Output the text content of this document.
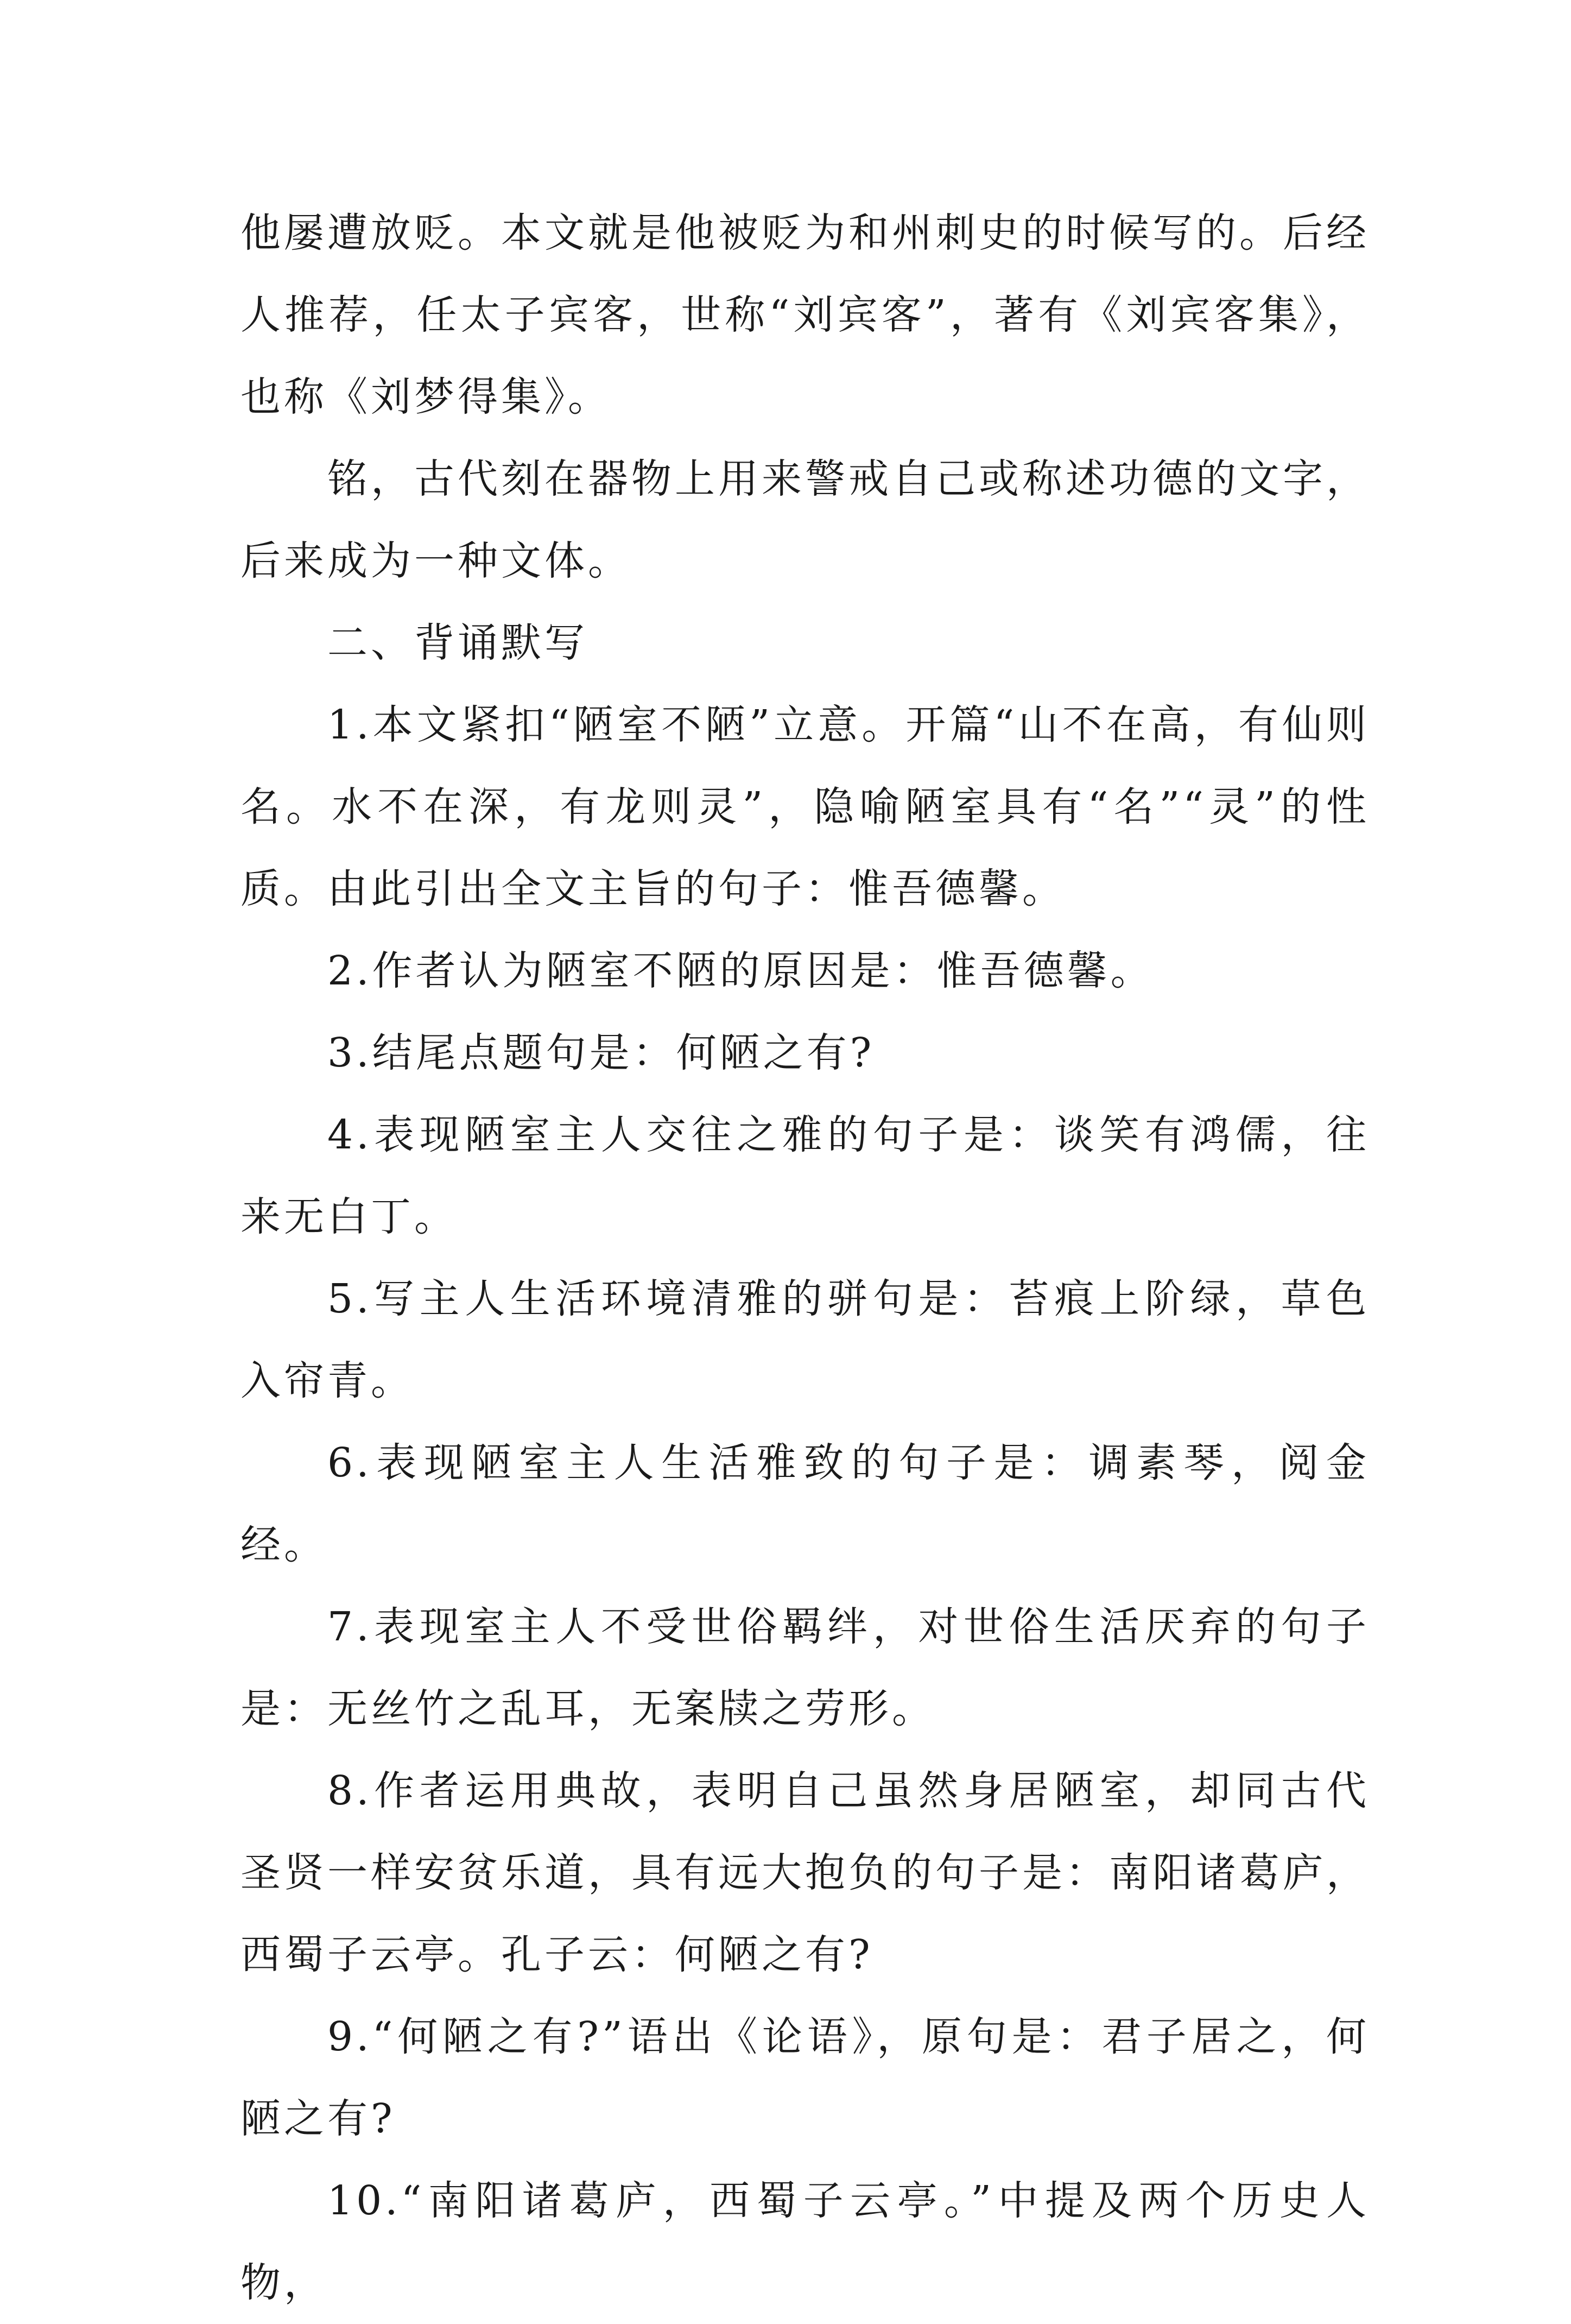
他屡遭放贬。本文就是他被贬为和州刺史的时候写的。后经人推荐，任太子宾客，世称“刘宾客”，著有《刘宾客集》，也称《刘梦得集》。

铭，古代刻在器物上用来警戒自己或称述功德的文字，后来成为一种文体。

二、背诵默写

1.本文紧扣“陋室不陋”立意。开篇“山不在高，有仙则名。水不在深，有龙则灵”，隐喻陋室具有“名”“灵”的性质。由此引出全文主旨的句子：惟吾德馨。

2.作者认为陋室不陋的原因是：惟吾德馨。

3.结尾点题句是：何陋之有?

4.表现陋室主人交往之雅的句子是：谈笑有鸿儒，往来无白丁。

5.写主人生活环境清雅的骈句是：苔痕上阶绿，草色入帘青。

6.表现陋室主人生活雅致的句子是：调素琴，阅金经。

7.表现室主人不受世俗羁绊，对世俗生活厌弃的句子是：无丝竹之乱耳，无案牍之劳形。

8.作者运用典故，表明自己虽然身居陋室，却同古代圣贤一样安贫乐道，具有远大抱负的句子是：南阳诸葛庐，西蜀子云亭。孔子云：何陋之有?

9.“何陋之有?”语出《论语》，原句是：君子居之，何陋之有?

10.“南阳诸葛庐，西蜀子云亭。”中提及两个历史人物，
